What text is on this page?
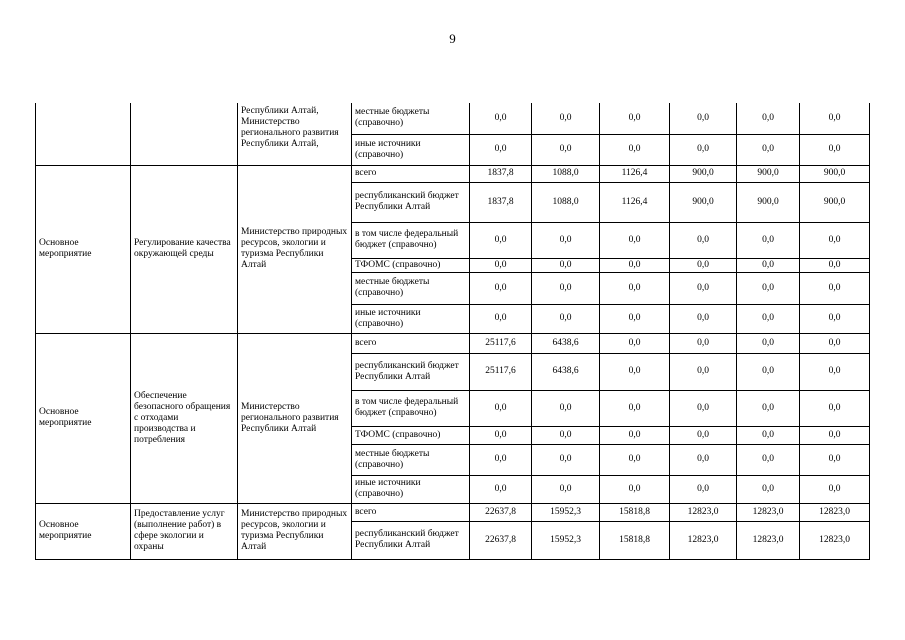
9
		Республики Алтай, Министерство регионального развития Республики Алтай,	местные бюджеты (справочно)	0,0	0,0	0,0	0,0	0,0	0,0
			иные источники (справочно)	0,0	0,0	0,0	0,0	0,0	0,0
Основное мероприятие	Регулирование качества окружающей среды	Министерство природных ресурсов, экологии и туризма Республики Алтай	всего	1837,8	1088,0	1126,4	900,0	900,0	900,0
			республиканский бюджет Республики Алтай	1837,8	1088,0	1126,4	900,0	900,0	900,0
			в том числе федеральный бюджет (справочно)	0,0	0,0	0,0	0,0	0,0	0,0
			ТФОМС (справочно)	0,0	0,0	0,0	0,0	0,0	0,0
			местные бюджеты (справочно)	0,0	0,0	0,0	0,0	0,0	0,0
			иные источники (справочно)	0,0	0,0	0,0	0,0	0,0	0,0
Основное мероприятие	Обеспечение безопасного обращения с отходами производства и потребления	Министерство регионального развития Республики Алтай	всего	25117,6	6438,6	0,0	0,0	0,0	0,0
			республиканский бюджет Республики Алтай	25117,6	6438,6	0,0	0,0	0,0	0,0
			в том числе федеральный бюджет (справочно)	0,0	0,0	0,0	0,0	0,0	0,0
			ТФОМС (справочно)	0,0	0,0	0,0	0,0	0,0	0,0
			местные бюджеты (справочно)	0,0	0,0	0,0	0,0	0,0	0,0
			иные источники (справочно)	0,0	0,0	0,0	0,0	0,0	0,0
Основное мероприятие	Предоставление услуг (выполнение работ) в сфере экологии и охраны	Министерство природных ресурсов, экологии и туризма Республики Алтай	всего	22637,8	15952,3	15818,8	12823,0	12823,0	12823,0
			республиканский бюджет Республики Алтай	22637,8	15952,3	15818,8	12823,0	12823,0	12823,0
